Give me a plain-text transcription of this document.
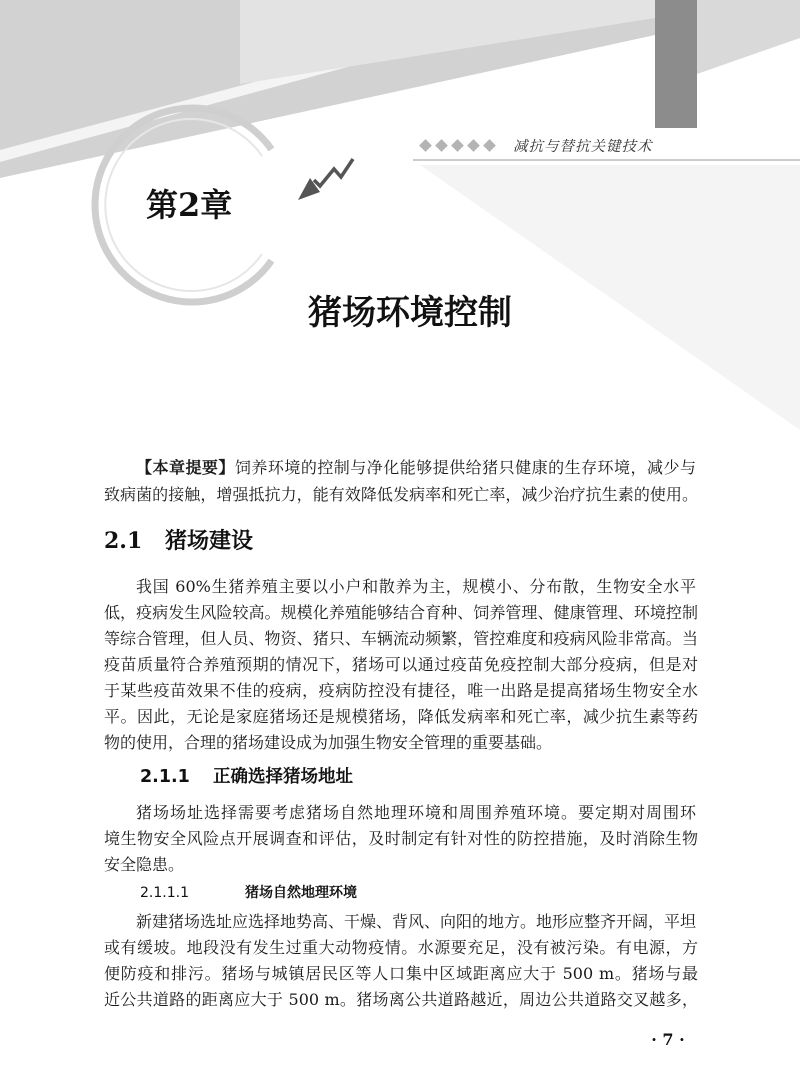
减抗与替抗关键技术
第2章
猪场环境控制
【本章提要】饲养环境的控制与净化能够提供给猪只健康的生存环境，减少与
致病菌的接触，增强抵抗力，能有效降低发病率和死亡率，减少治疗抗生素的使用。
2.1 猪场建设
我国 60%生猪养殖主要以小户和散养为主，规模小、分布散，生物安全水平
低，疫病发生风险较高。规模化养殖能够结合育种、饲养管理、健康管理、环境控制
等综合管理，但人员、物资、猪只、车辆流动频繁，管控难度和疫病风险非常高。当
疫苗质量符合养殖预期的情况下，猪场可以通过疫苗免疫控制大部分疫病，但是对
于某些疫苗效果不佳的疫病，疫病防控没有捷径，唯一出路是提高猪场生物安全水
平。因此，无论是家庭猪场还是规模猪场，降低发病率和死亡率，减少抗生素等药
物的使用，合理的猪场建设成为加强生物安全管理的重要基础。
2.1.1 正确选择猪场地址
猪场场址选择需要考虑猪场自然地理环境和周围养殖环境。要定期对周围环
境生物安全风险点开展调查和评估，及时制定有针对性的防控措施，及时消除生物
安全隐患。
2.1.1.1	猪场自然地理环境
新建猪场选址应选择地势高、干燥、背风、向阳的地方。地形应整齐开阔，平坦
或有缓坡。地段没有发生过重大动物疫情。水源要充足，没有被污染。有电源，方
便防疫和排污。猪场与城镇居民区等人口集中区域距离应大于 500 m。猪场与最
近公共道路的距离应大于 500 m。猪场离公共道路越近，周边公共道路交叉越多，
· 7 ·
